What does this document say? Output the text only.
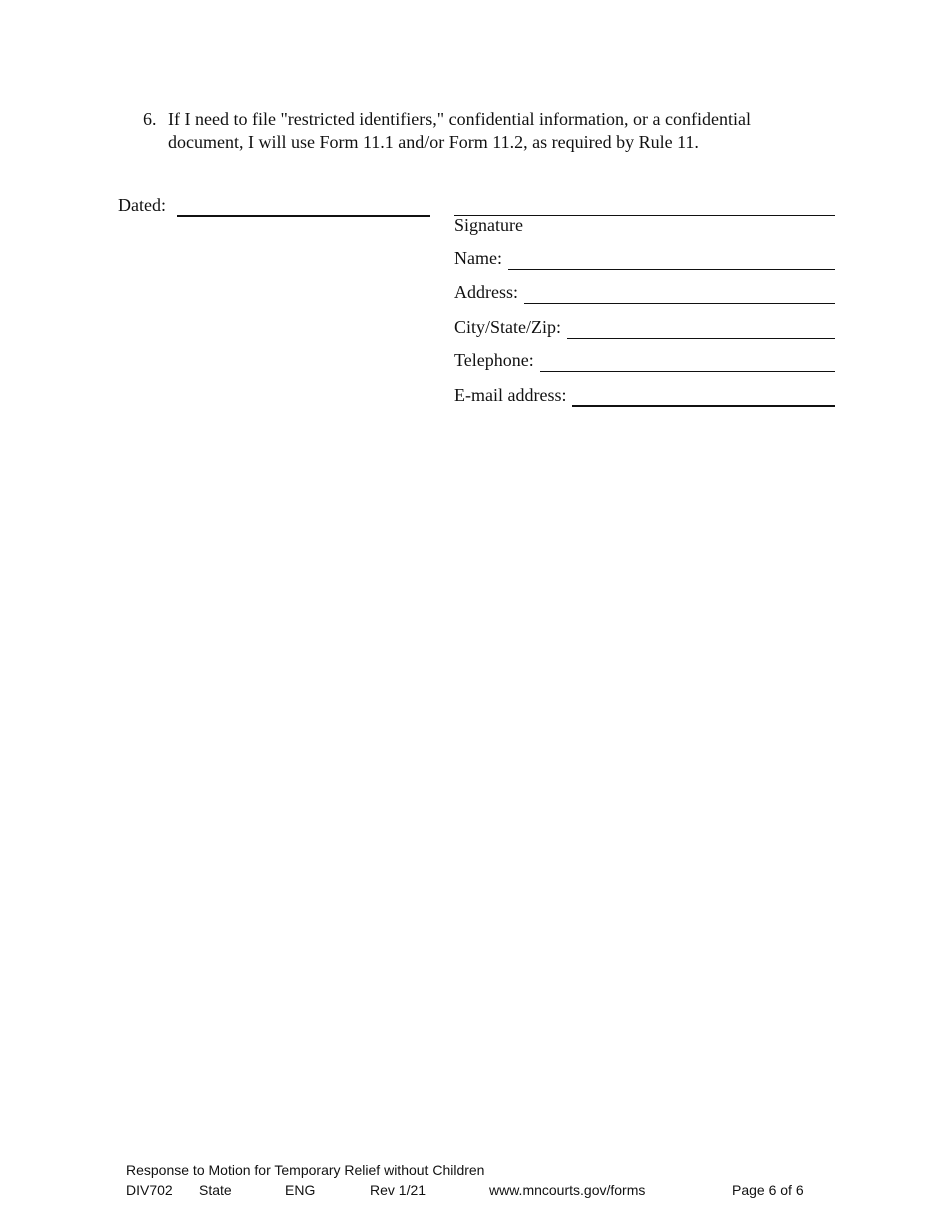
6. If I need to file "restricted identifiers," confidential information, or a confidential document, I will use Form 11.1 and/or Form 11.2, as required by Rule 11.
Dated:
Signature
Name:
Address:
City/State/Zip:
Telephone:
E-mail address:
Response to Motion for Temporary Relief without Children
DIV702 State	ENG	Rev 1/21	www.mncourts.gov/forms	Page 6 of 6
